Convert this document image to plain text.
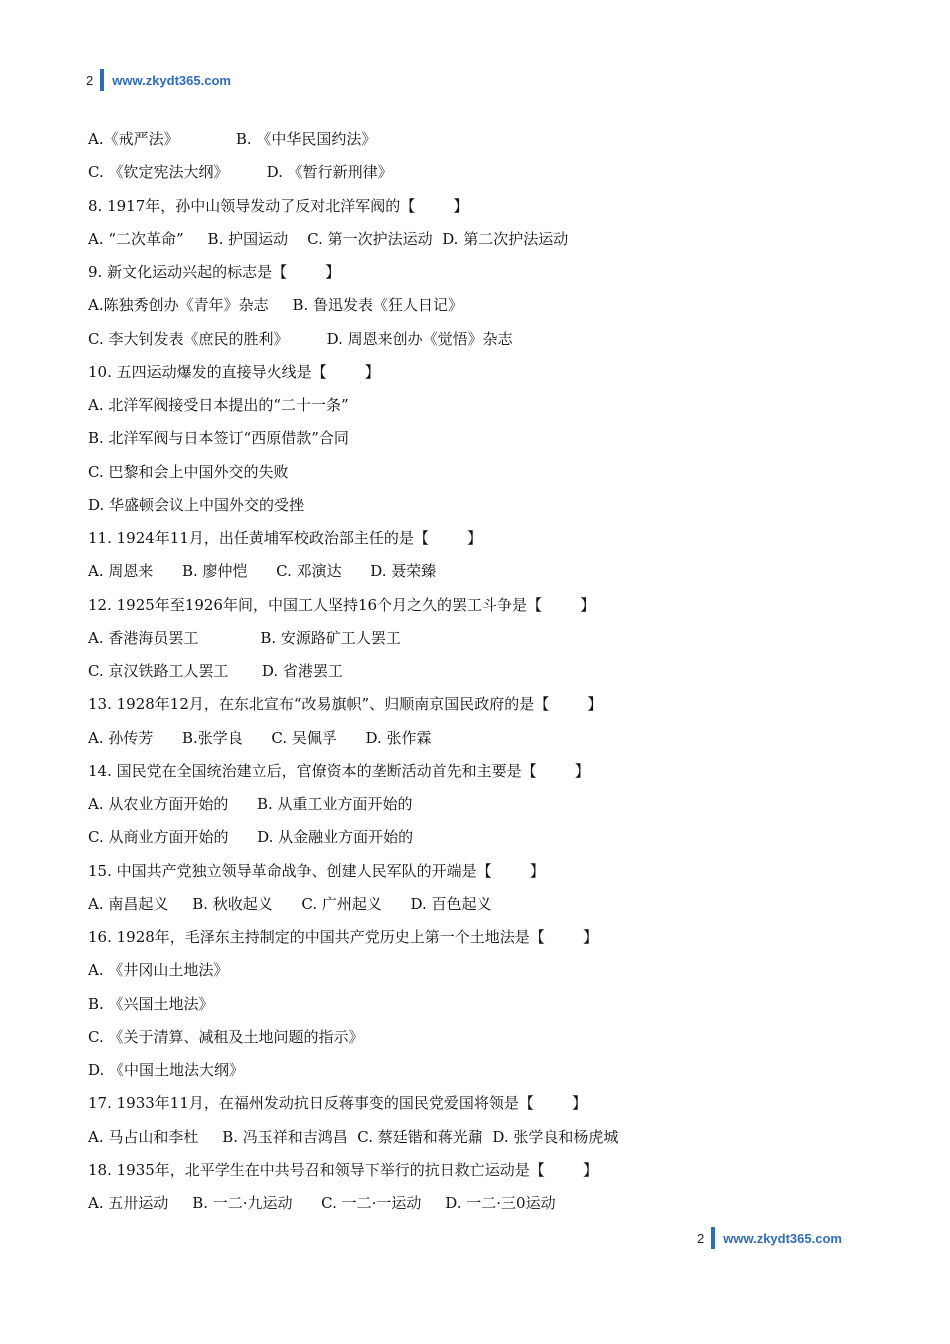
2 www.zkydt365.com
A.《戒严法》            B. 《中华民国约法》
C. 《钦定宪法大纲》        D. 《暂行新刑律》
8. 1917年，孙中山领导发动了反对北洋军阀的【        】
A. “二次革命”     B. 护国运动    C. 第一次护法运动  D. 第二次护法运动
9. 新文化运动兴起的标志是【        】
A.陈独秀创办《青年》杂志     B. 鲁迅发表《狂人日记》
C. 李大钊发表《庶民的胜利》        D. 周恩来创办《觉悟》杂志
10. 五四运动爆发的直接导火线是【        】
A. 北洋军阀接受日本提出的“二十一条”
B. 北洋军阀与日本签订“西原借款”合同
C. 巴黎和会上中国外交的失败
D. 华盛顿会议上中国外交的受挫
11. 1924年11月，出任黄埔军校政治部主任的是【        】
A. 周恩来      B. 廖仲恺      C. 邓演达      D. 聂荣臻
12. 1925年至1926年间，中国工人坚持16个月之久的罢工斗争是【        】
A. 香港海员罢工             B. 安源路矿工人罢工
C. 京汉铁路工人罢工       D. 省港罢工
13. 1928年12月，在东北宣布“改易旗帜”、归顺南京国民政府的是【        】
A. 孙传芳      B.张学良      C. 吴佩孚      D. 张作霖
14. 国民党在全国统治建立后，官僚资本的垄断活动首先和主要是【        】
A. 从农业方面开始的      B. 从重工业方面开始的
C. 从商业方面开始的      D. 从金融业方面开始的
15. 中国共产党独立领导革命战争、创建人民军队的开端是【        】
A. 南昌起义     B. 秋收起义      C. 广州起义      D. 百色起义
16. 1928年，毛泽东主持制定的中国共产党历史上第一个土地法是【        】
A. 《井冈山土地法》
B. 《兴国土地法》
C. 《关于清算、减租及土地问题的指示》
D. 《中国土地法大纲》
17. 1933年11月，在福州发动抗日反蒋事变的国民党爱国将领是【        】
A. 马占山和李杜     B. 冯玉祥和吉鸿昌  C. 蔡廷锴和蒋光鼐  D. 张学良和杨虎城
18. 1935年，北平学生在中共号召和领导下举行的抗日救亡运动是【        】
A. 五卅运动     B. 一二·九运动      C. 一二·一运动     D. 一二·三0运动
2 www.zkydt365.com
